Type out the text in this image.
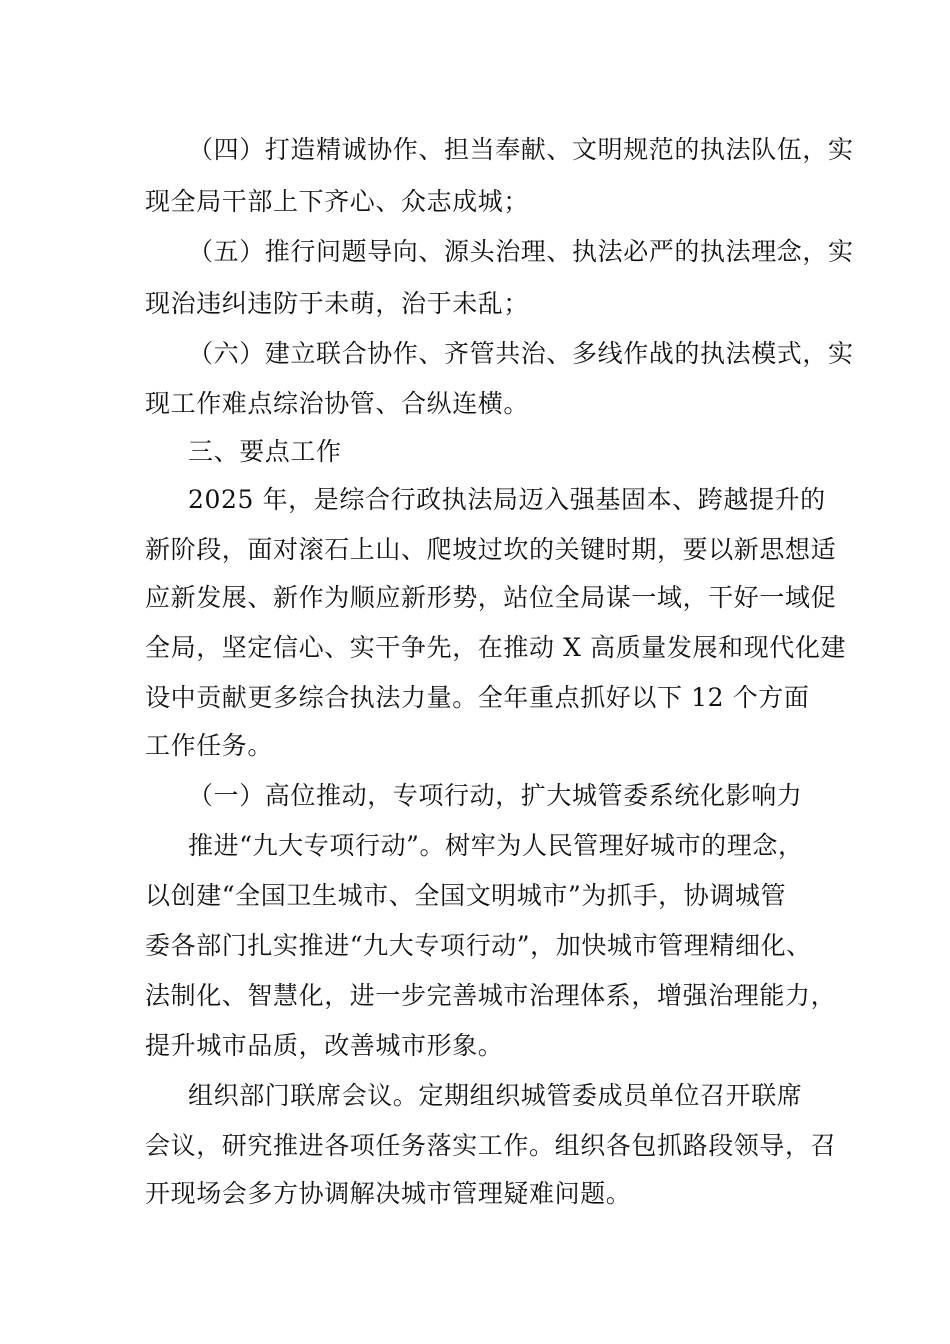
（四）打造精诚协作、担当奉献、文明规范的执法队伍，实
现全局干部上下齐心、众志成城；
（五）推行问题导向、源头治理、执法必严的执法理念，实
现治违纠违防于未萌，治于未乱；
（六）建立联合协作、齐管共治、多线作战的执法模式，实
现工作难点综治协管、合纵连横。
三、要点工作
2025 年，是综合行政执法局迈入强基固本、跨越提升的
新阶段，面对滚石上山、爬坡过坎的关键时期，要以新思想适
应新发展、新作为顺应新形势，站位全局谋一域，干好一域促
全局，坚定信心、实干争先，在推动 X 高质量发展和现代化建
设中贡献更多综合执法力量。全年重点抓好以下 12 个方面
工作任务。
（一）高位推动，专项行动，扩大城管委系统化影响力
推进“九大专项行动”。树牢为人民管理好城市的理念，
以创建“全国卫生城市、全国文明城市”为抓手，协调城管
委各部门扎实推进“九大专项行动”，加快城市管理精细化、
法制化、智慧化，进一步完善城市治理体系，增强治理能力，
提升城市品质，改善城市形象。
组织部门联席会议。定期组织城管委成员单位召开联席
会议，研究推进各项任务落实工作。组织各包抓路段领导，召
开现场会多方协调解决城市管理疑难问题。
